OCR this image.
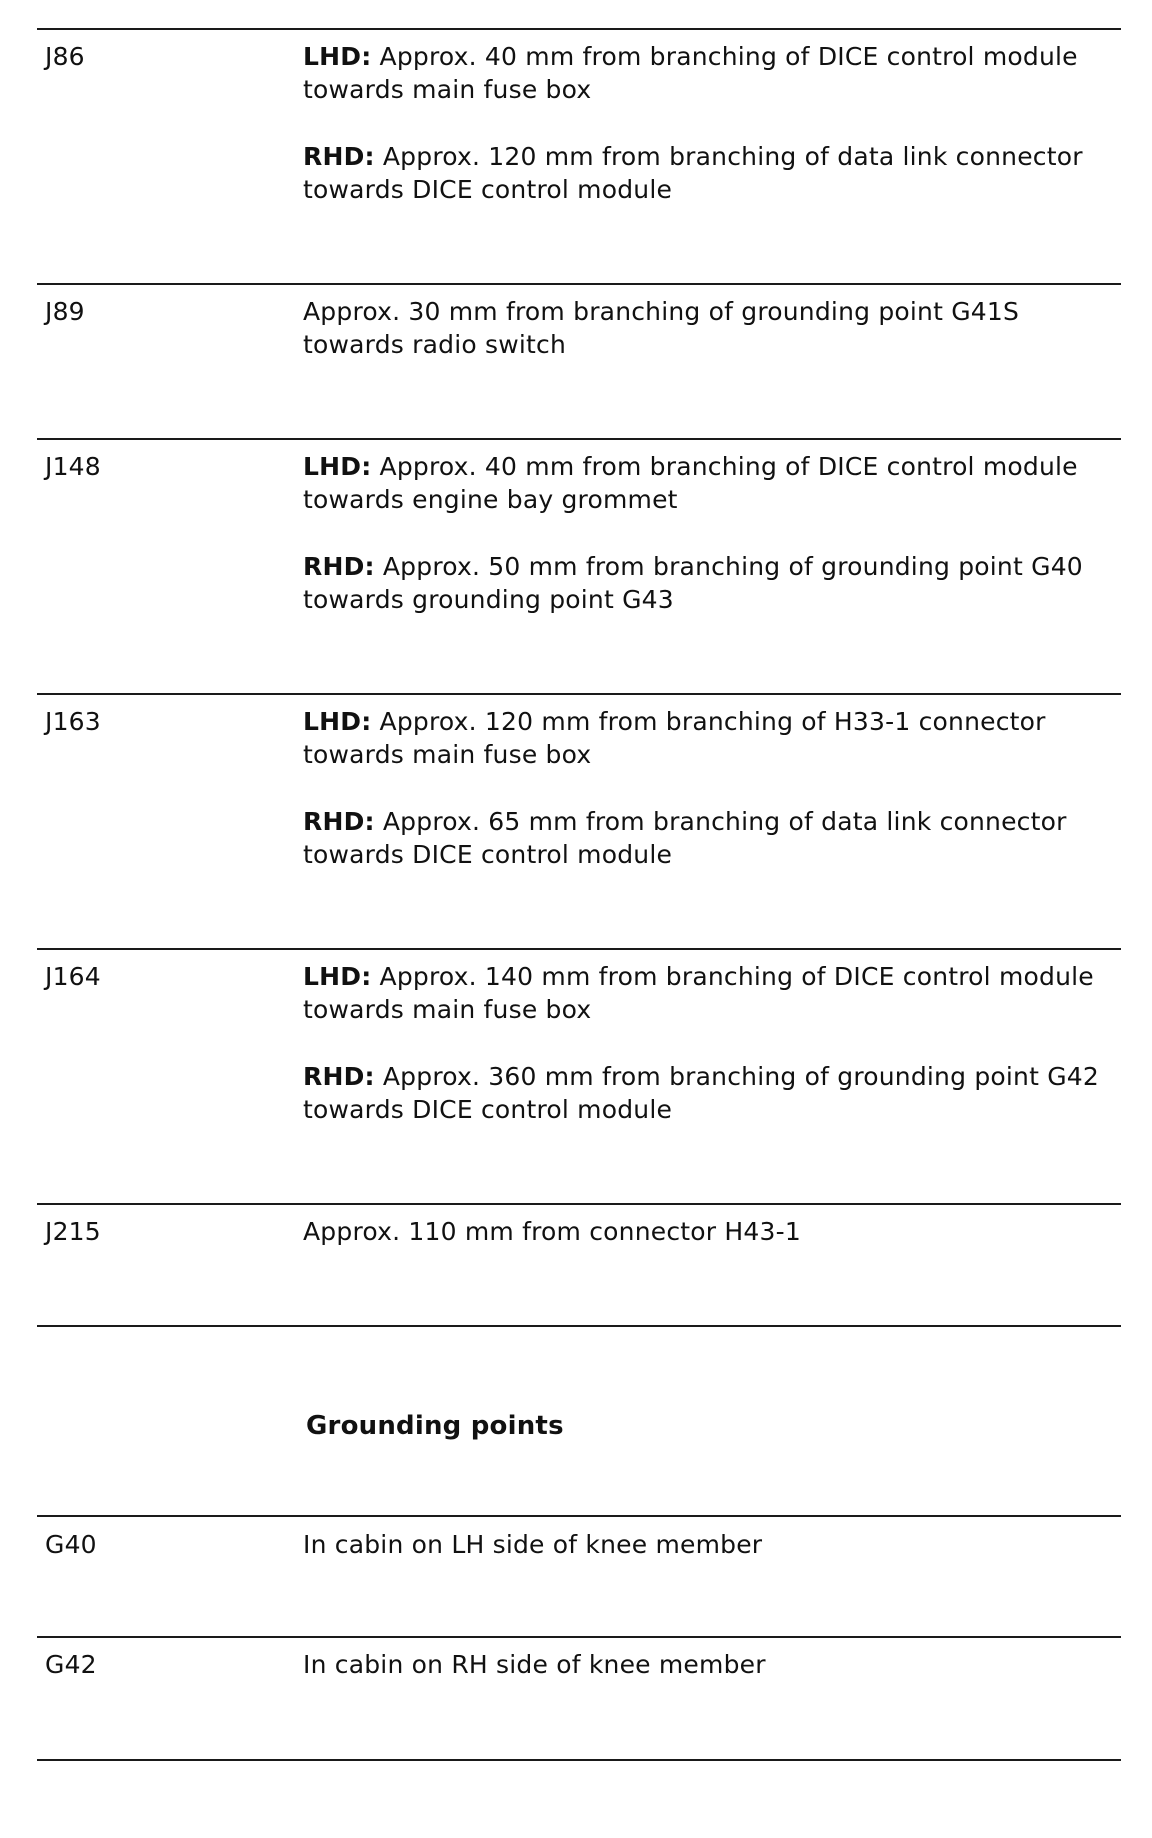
J86	LHD: Approx. 40 mm from branching of DICE control module towards main fuse box

RHD: Approx. 120 mm from branching of data link connector towards DICE control module

J89	Approx. 30 mm from branching of grounding point G41S towards radio switch

J148	LHD: Approx. 40 mm from branching of DICE control module towards engine bay grommet

RHD: Approx. 50 mm from branching of grounding point G40 towards grounding point G43

J163	LHD: Approx. 120 mm from branching of H33-1 connector towards main fuse box

RHD: Approx. 65 mm from branching of data link connector towards DICE control module

J164	LHD: Approx. 140 mm from branching of DICE control module towards main fuse box

RHD: Approx. 360 mm from branching of grounding point G42 towards DICE control module

J215	Approx. 110 mm from connector H43-1

Grounding points
G40	In cabin on LH side of knee member

G42	In cabin on RH side of knee member
